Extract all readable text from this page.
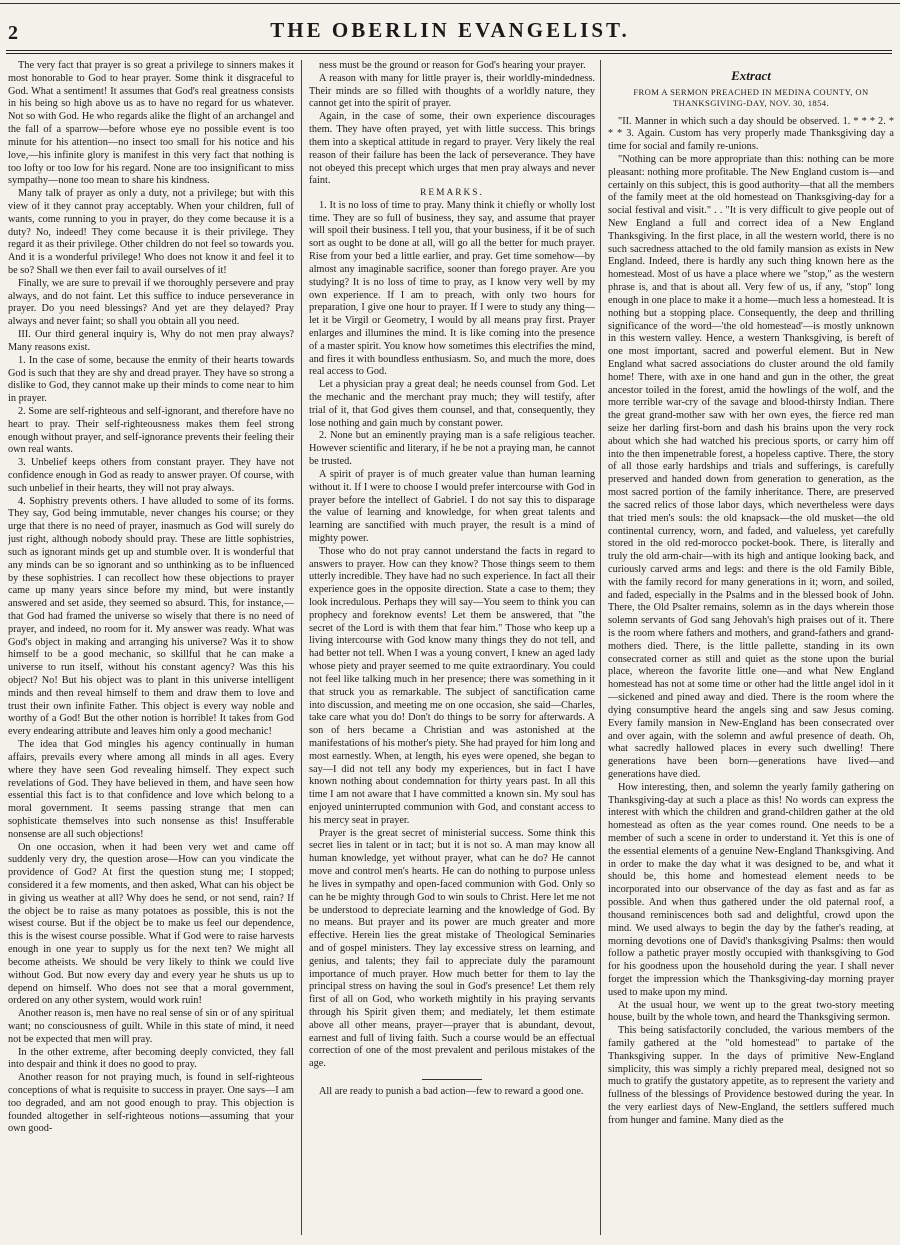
2	THE OBERLIN EVANGELIST.

The very fact that prayer is so great a privilege to sinners makes it most honorable to God to hear prayer. Some think it disgraceful to God. What a sentiment! It assumes that God's real greatness consists in his being so high above us as to have no regard for us whatever. Not so with God. He who regards alike the flight of an archangel and the fall of a sparrow—before whose eye no possible event is too minute for his attention—no insect too small for his notice and his love,—his infinite glory is manifest in this very fact that nothing is too lofty or too low for his regard. None are too insignificant to miss sympathy—none too mean to share his kindness.

Many talk of prayer as only a duty, not a privilege; but with this view of it they cannot pray acceptably. When your children, full of wants, come running to you in prayer, do they come because it is a duty? No, indeed! They come because it is their privilege. They regard it as their privilege. Other children do not feel so towards you. And it is a wonderful privilege! Who does not know it and feel it to be so? Shall we then ever fail to avail ourselves of it!

Finally, we are sure to prevail if we thoroughly persevere and pray always, and do not faint. Let this suffice to induce perseverance in prayer. Do you need blessings? And yet are they delayed? Pray always and never faint; so shall you obtain all you need.

III. Our third general inquiry is, Why do not men pray always? Many reasons exist.

1. In the case of some, because the enmity of their hearts towards God is such that they are shy and dread prayer. They have so strong a dislike to God, they cannot make up their minds to come near to him in prayer.

2. Some are self-righteous and self-ignorant, and therefore have no heart to pray. Their self-righteousness makes them feel strong enough without prayer, and self-ignorance prevents their feeling their own real wants.

3. Unbelief keeps others from constant prayer. They have not confidence enough in God as ready to answer prayer. Of course, with such unbelief in their hearts, they will not pray always.

4. Sophistry prevents others. I have alluded to some of its forms. They say, God being immutable, never changes his course; or they urge that there is no need of prayer, inasmuch as God will surely do just right, although nobody should pray. These are little sophistries, such as ignorant minds get up and stumble over. It is wonderful that any minds can be so ignorant and so unthinking as to be influenced by these sophistries. I can recollect how these objections to prayer came up many years since before my mind, but were instantly answered and set aside, they seemed so absurd. This, for instance,—that God had framed the universe so wisely that there is no need of prayer, and indeed, no room for it. My answer was ready. What was God's object in making and arranging his universe? Was it to show himself to be a good mechanic, so skillful that he can make a universe to run itself, without his constant agency? Was this his object? No! But his object was to plant in this universe intelligent minds and then reveal himself to them and draw them to love and trust their own infinite Father. This object is every way noble and worthy of a God! But the other notion is horrible! It takes from God every endearing attribute and leaves him only a good mechanic!

The idea that God mingles his agency continually in human affairs, prevails every where among all minds in all ages. Every where they have seen God revealing himself. They expect such revelations of God. They have believed in them, and have seen how essential this fact is to that confidence and love which belong to a moral government. It seems passing strange that men can sophisticate themselves into such nonsense as this! Insufferable nonsense are all such objections!

On one occasion, when it had been very wet and came off suddenly very dry, the question arose—How can you vindicate the providence of God? At first the question stung me; I stopped; considered it a few moments, and then asked, What can his object be in giving us weather at all? Why does he send, or not send, rain? If the object be to raise as many potatoes as possible, this is not the wisest course. But if the object be to make us feel our dependence, this is the wisest course possible. What if God were to raise harvests enough in one year to supply us for the next ten? We might all become atheists. We should be very likely to think we could live without God. But now every day and every year he shuts us up to depend on himself. Who does not see that a moral government, ordered on any other system, would work ruin!

Another reason is, men have no real sense of sin or of any spiritual want; no consciousness of guilt. While in this state of mind, it need not be expected that men will pray.

In the other extreme, after becoming deeply convicted, they fall into despair and think it does no good to pray.

Another reason for not praying much, is found in self-righteous conceptions of what is requisite to success in prayer. One says—I am too degraded, and am not good enough to pray. This objection is founded altogether in self-righteous notions—assuming that your own good-

ness must be the ground or reason for God's hearing your prayer.

A reason with many for little prayer is, their worldly-mindedness. Their minds are so filled with thoughts of a worldly nature, they cannot get into the spirit of prayer.

Again, in the case of some, their own experience discourages them. They have often prayed, yet with little success. This brings them into a skeptical attitude in regard to prayer. Very likely the real reason of their failure has been the lack of perseverance. They have not obeyed this precept which urges that men pray always and never faint.

REMARKS.

1. It is no loss of time to pray. Many think it chiefly or wholly lost time. They are so full of business, they say, and assume that prayer will spoil their business. I tell you, that your business, if it be of such sort as ought to be done at all, will go all the better for much prayer. Rise from your bed a little earlier, and pray. Get time somehow—by almost any imaginable sacrifice, sooner than forego prayer. Are you studying? It is no loss of time to pray, as I know very well by my own experience. If I am to preach, with only two hours for preparation, I give one hour to prayer. If I were to study any thing—let it be Virgil or Geometry, I would by all means pray first. Prayer enlarges and illumines the mind. It is like coming into the presence of a master spirit. You know how sometimes this electrifies the mind, and fires it with boundless enthusiasm. So, and much the more, does real access to God.

Let a physician pray a great deal; he needs counsel from God. Let the mechanic and the merchant pray much; they will testify, after trial of it, that God gives them counsel, and that, consequently, they lose nothing and gain much by constant power.

2. None but an eminently praying man is a safe religious teacher. However scientific and literary, if he be not a praying man, he cannot be trusted.

A spirit of prayer is of much greater value than human learning without it. If I were to choose I would prefer intercourse with God in prayer before the intellect of Gabriel. I do not say this to disparage the value of learning and knowledge, for when great talents and learning are sanctified with much prayer, the result is a mind of mighty power.

Those who do not pray cannot understand the facts in regard to answers to prayer. How can they know? Those things seem to them utterly incredible. They have had no such experience. In fact all their experience goes in the opposite direction. State a case to them; they look incredulous. Perhaps they will say—You seem to think you can prophecy and foreknow events! Let them be answered, that "the secret of the Lord is with them that fear him." Those who keep up a living intercourse with God know many things they do not tell, and had better not tell. When I was a young convert, I knew an aged lady whose piety and prayer seemed to me quite extraordinary. You could not feel like talking much in her presence; there was something in it that struck you as remarkable. The subject of sanctification came into discussion, and meeting me on one occasion, she said—Charles, take care what you do! Don't do things to be sorry for afterwards. A son of hers became a Christian and was astonished at the manifestations of his mother's piety. She had prayed for him long and most earnestly. When, at length, his eyes were opened, she began to say—I did not tell any body my experiences, but in fact I have known nothing about condemnation for thirty years past. In all this time I am not aware that I have committed a known sin. My soul has enjoyed uninterrupted communion with God, and constant access to his mercy seat in prayer.

Prayer is the great secret of ministerial success. Some think this secret lies in talent or in tact; but it is not so. A man may know all human knowledge, yet without prayer, what can he do? He cannot move and control men's hearts. He can do nothing to purpose unless he lives in sympathy and open-faced communion with God. Only so can he be mighty through God to win souls to Christ. Here let me not be understood to depreciate learning and the knowledge of God. By no means. But prayer and its power are much greater and more effective. Herein lies the great mistake of Theological Seminaries and of gospel ministers. They lay excessive stress on learning, and genius, and talents; they fail to appreciate duly the paramount importance of much prayer. How much better for them to lay the principal stress on having the soul in God's presence! Let them rely first of all on God, who worketh mightily in his praying servants through his Spirit given them; and mediately, let them estimate above all other means, prayer—prayer that is abundant, devout, earnest and full of living faith. Such a course would be an effectual correction of one of the most prevalent and perilous mistakes of the age.

All are ready to punish a bad action—few to reward a good one.

Extract
FROM A SERMON PREACHED IN MEDINA COUNTY, ON THANKSGIVING-DAY, NOV. 30, 1854.

"II. Manner in which such a day should be observed. 1. * * * 2. * * * 3. Again. Custom has very properly made Thanksgiving day a time for social and family re-unions.

"Nothing can be more appropriate than this: nothing can be more pleasant: nothing more profitable. The New England custom is—and certainly on this subject, this is good authority—that all the members of the family meet at the old homestead on Thanksgiving-day for a social festival and visit." . . "It is very difficult to give people out of New England a full and correct idea of a New England Thanksgiving. In the first place, in all the western world, there is no such sacredness attached to the old family mansion as exists in New England. Indeed, there is hardly any such thing known here as the homestead. Most of us have a place where we "stop," as the western phrase is, and that is about all. Very few of us, if any, "stop" long enough in one place to make it a home—much less a homestead. It is nothing but a stopping place. Consequently, the deep and thrilling significance of the word—'the old homestead'—is mostly unknown in this western valley. Hence, a western Thanksgiving, is bereft of one most important, sacred and powerful element. But in New England what sacred associations do cluster around the old family home! There, with axe in one hand and gun in the other, the great ancestor toiled in the forest, amid the howlings of the wolf, and the more terrible war-cry of the savage and blood-thirsty Indian. There the great grand-mother saw with her own eyes, the fierce red man seize her darling first-born and dash his brains upon the very rock about which she had watched his precious sports, or carry him off into the then impenetrable forest, a hopeless captive. There, the story of all those early hardships and trials and sufferings, is carefully preserved and handed down from generation to generation, as the most sacred portion of the family inheritance. There, are preserved the sacred relics of those labor days, which nevertheless were days that tried men's souls: the old knapsack—the old musket—the old continental currency, worn, and faded, and valueless, yet carefully stored in the old red-morocco pocket-book. There, is literally and truly the old arm-chair—with its high and antique looking back, and curiously carved arms and legs: and there is the old Family Bible, with the family record for many generations in it; worn, and soiled, and faded, especially in the Psalms and in the blessed book of John. There, the Old Psalter remains, solemn as in the days wherein those solemn servants of God sang Jehovah's high praises out of it. There is the room where fathers and mothers, and grand-fathers and grand-mothers died. There, is the little pallette, standing in its own consecrated corner as still and quiet as the stone upon the burial place, whereon the favorite little one—and what New England homestead has not at some time or other had the little angel idol in it—sickened and pined away and died. There is the room where the dying consumptive heard the angels sing and saw Jesus coming. Every family mansion in New-England has been consecrated over and over again, with the solemn and awful presence of death. Oh, what sacredly hallowed places in every such dwelling! There generations have been born—generations have lived—and generations have died.

How interesting, then, and solemn the yearly family gathering on Thanksgiving-day at such a place as this! No words can express the interest with which the children and grand-children gather at the old homestead as often as the year comes round. One needs to be a member of such a scene in order to understand it. Yet this is one of the essential elements of a genuine New-England Thanksgiving. And in order to make the day what it was designed to be, and what it should be, this home and homestead element needs to be incorporated into our observance of the day as fast and as far as possible. And when thus gathered under the old paternal roof, a thousand reminiscences both sad and delightful, crowd upon the mind. We used always to begin the day by the father's reading, at morning devotions one of David's thanksgiving Psalms: then would follow a pathetic prayer mostly occupied with thanksgiving to God for his goodness upon the household during the year. I shall never forget the impression which the Thanksgiving-day morning prayer used to make upon my mind.

At the usual hour, we went up to the great two-story meeting house, built by the whole town, and heard the Thanksgiving sermon.

This being satisfactorily concluded, the various members of the family gathered at the "old homestead" to partake of the Thanksgiving supper. In the days of primitive New-England simplicity, this was simply a richly prepared meal, designed not so much to gratify the gustatory appetite, as to represent the variety and fullness of the blessings of Providence bestowed during the year. In the very earliest days of New-England, the settlers suffered much from hunger and famine. Many died as the
